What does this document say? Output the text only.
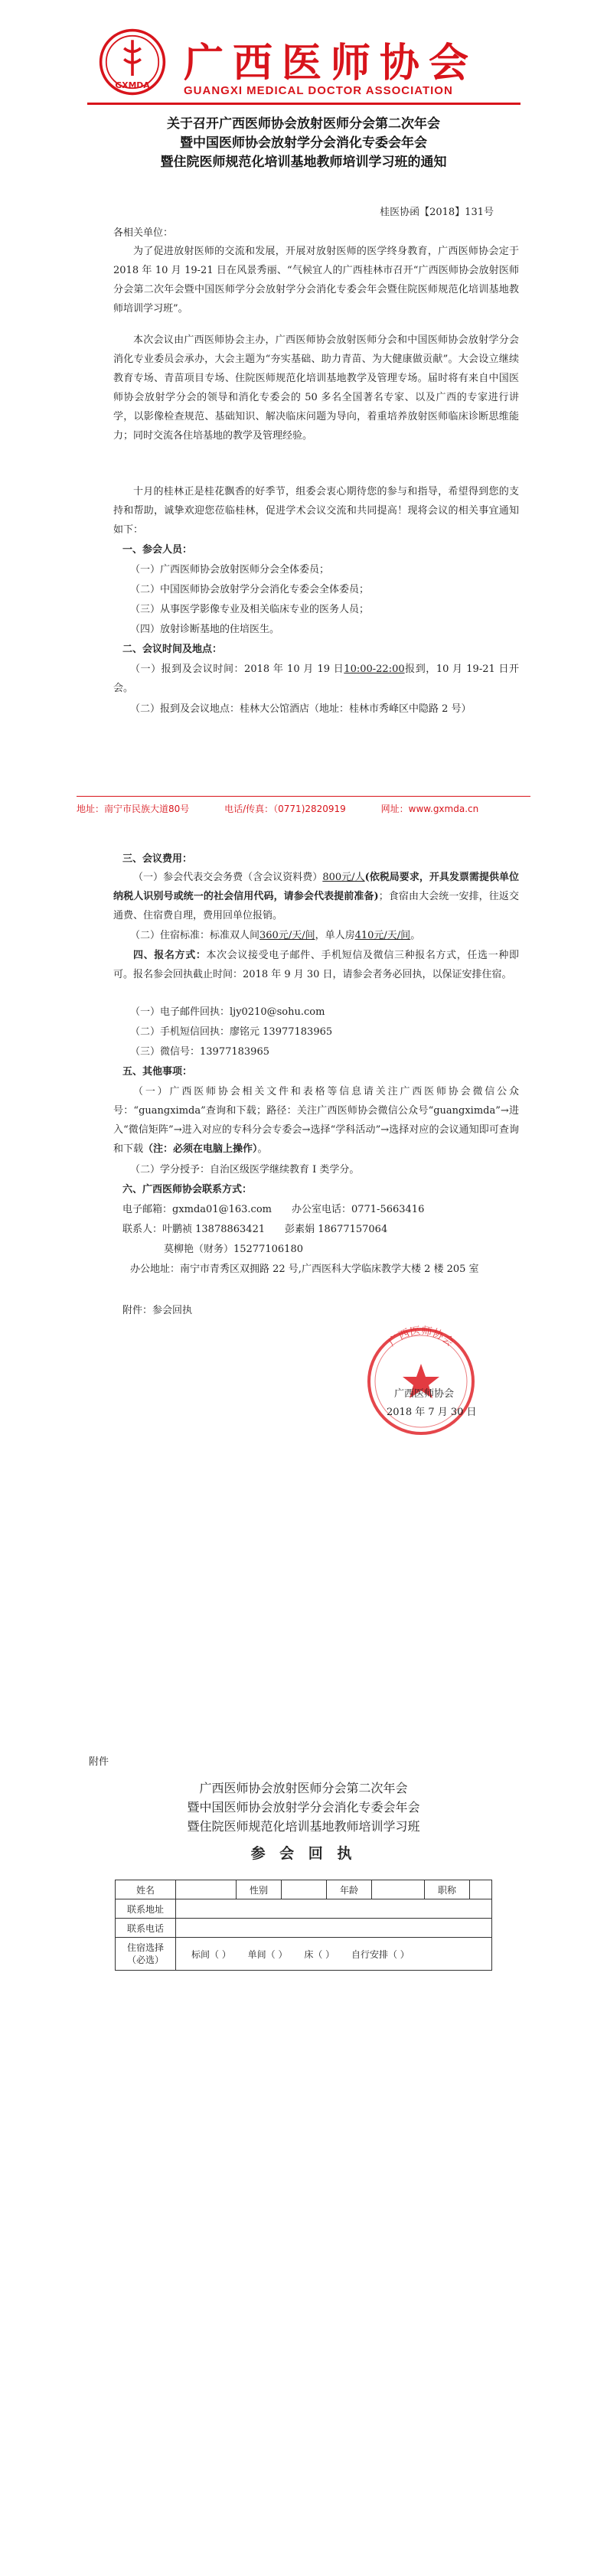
GXMDA 广西医师协会
GUANGXI MEDICAL DOCTOR ASSOCIATION
关于召开广西医师协会放射医师分会第二次年会
暨中国医师协会放射学分会消化专委会年会
暨住院医师规范化培训基地教师培训学习班的通知
桂医协函【2018】131号
各相关单位：
为了促进放射医师的交流和发展，开展对放射医师的医学终身教育，广西医师协会定于 2018 年 10 月 19-21 日在风景秀丽、“气候宜人的广西桂林市召开“广西医师协会放射医师分会第二次年会暨中国医师学分会放射学分会消化专委会年会暨住院医师规范化培训基地教师培训学习班”。
本次会议由广西医师协会主办，广西医师协会放射医师分会和中国医师协会放射学分会消化专业委员会承办，大会主题为“夯实基础、助力青苗、为大健康做贡献”。大会设立继续教育专场、青苗项目专场、住院医师规范化培训基地教学及管理专场。届时将有来自中国医师协会放射学分会的领导和消化专委会的 50 多名全国著名专家、以及广西的专家进行讲学，以影像检查规范、基础知识、解决临床问题为导向，着重培养放射医师临床诊断思维能力；同时交流各住培基地的教学及管理经验。
十月的桂林正是桂花飘香的好季节，组委会衷心期待您的参与和指导，希望得到您的支持和帮助，诚挚欢迎您莅临桂林，促进学术会议交流和共同提高！现将会议的相关事宜通知如下：
一、参会人员：
（一）广西医师协会放射医师分会全体委员；
（二）中国医师协会放射学分会消化专委会全体委员；
（三）从事医学影像专业及相关临床专业的医务人员；
（四）放射诊断基地的住培医生。
二、会议时间及地点：
（一）报到及会议时间：2018 年 10 月 19 日10:00-22:00报到，10 月 19-21 日开会。
（二）报到及会议地点：桂林大公馆酒店（地址：桂林市秀峰区中隐路 2 号）
地址：南宁市民族大道80号	电话/传真：（0771)2820919	网址：www.gxmda.cn
三、会议费用：
（一）参会代表交会务费（含会议资料费）800元/人(依税局要求，开具发票需提供单位纳税人识别号或统一的社会信用代码，请参会代表提前准备)；食宿由大会统一安排，往返交通费、住宿费自理，费用回单位报销。
（二）住宿标准：标准双人间360元/天/间，单人房410元/天/间。
四、报名方式：本次会议接受电子邮件、手机短信及微信三种报名方式，任选一种即可。报名参会回执截止时间：2018 年 9 月 30 日，请参会者务必回执，以保证安排住宿。
（一）电子邮件回执：ljy0210@sohu.com
（二）手机短信回执：廖铭元 13977183965
（三）微信号：13977183965
五、其他事项：
（一）广西医师协会相关文件和表格等信息请关注广西医师协会微信公众号：“guangximda”查询和下载；路径：关注广西医师协会微信公众号“guangximda”→进入“微信矩阵”→进入对应的专科分会专委会→选择“学科活动”→选择对应的会议通知即可查询和下载（注：必须在电脑上操作）。
（二）学分授予：自治区级医学继续教育 I 类学分。
六、广西医师协会联系方式：
电子邮箱：gxmda01@163.com　　办公室电话：0771-5663416
联系人：叶鹏祯 13878863421　　彭素娟 18677157064
莫柳艳（财务）15277106180
办公地址：南宁市青秀区双拥路 22 号,广西医科大学临床教学大楼 2 楼 205 室
附件：参会回执
广西医师协会
广西医师协会
2018 年 7 月 30 日
附件
广西医师协会放射医师分会第二次年会
暨中国医师协会放射学分会消化专委会年会
暨住院医师规范化培训基地教师培训学习班
参 会 回 执
姓名		性别		年龄		职称	
联系地址							
联系电话							
住宿选择（必选）	标间（ ） 单间（ ） 床（ ） 自行安排（ ）						
